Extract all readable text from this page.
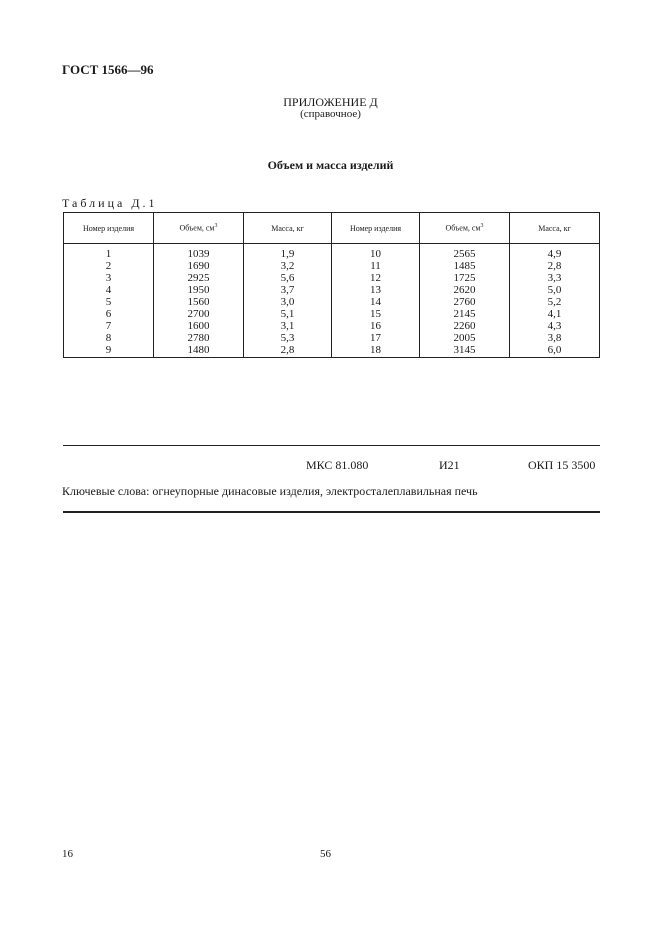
ГОСТ 1566—96
ПРИЛОЖЕНИЕ Д
(справочное)
Объем и масса изделий
Таблица Д.1
Номер изделия	Объем, $см^3$	Масса, кг	Номер изделия	Объем, $см^3$	Масса, кг
1	1039	1,9	10	2565	4,9
2	1690	3,2	11	1485	2,8
3	2925	5,6	12	1725	3,3
4	1950	3,7	13	2620	5,0
5	1560	3,0	14	2760	5,2
6	2700	5,1	15	2145	4,1
7	1600	3,1	16	2260	4,3
8	2780	5,3	17	2005	3,8
9	1480	2,8	18	3145	6,0
МКС 81.080	И21	ОКП 15 3500
Ключевые слова: огнеупорные динасовые изделия, электросталеплавильная печь
16	56
